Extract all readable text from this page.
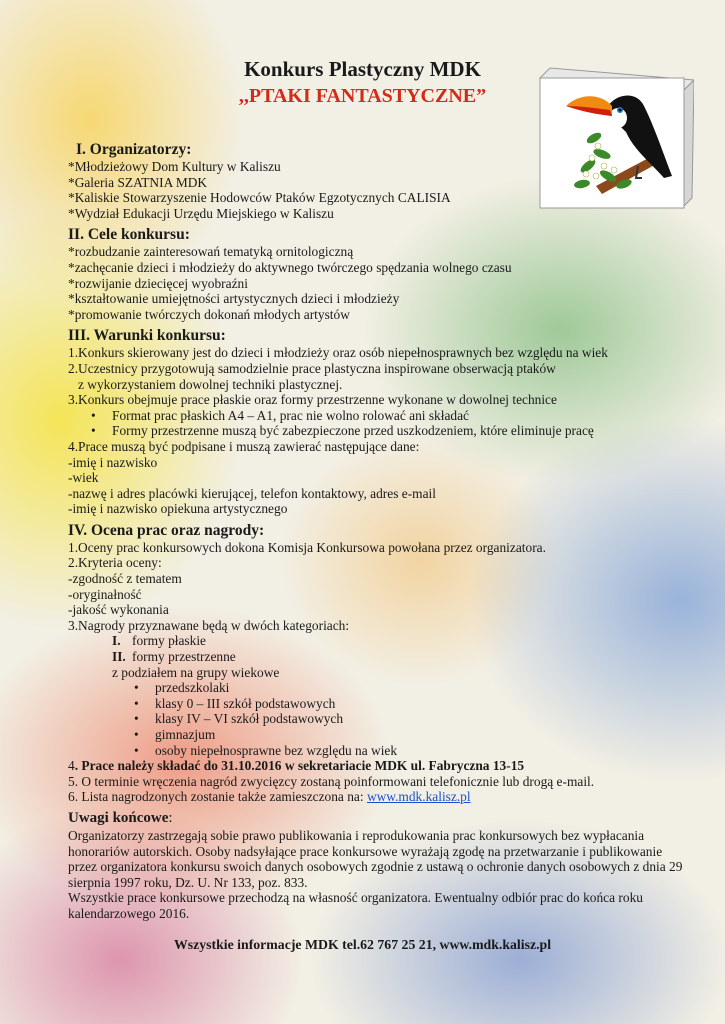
Konkurs Plastyczny MDK
,,PTAKI FANTASTYCZNE”
I. Organizatorzy:
*Młodzieżowy Dom Kultury w Kaliszu
*Galeria SZATNIA MDK
*Kaliskie Stowarzyszenie Hodowców Ptaków Egzotycznych CALISIA
*Wydział Edukacji Urzędu Miejskiego w Kaliszu
II. Cele konkursu:
*rozbudzanie zainteresowań tematyką ornitologiczną
*zachęcanie dzieci i młodzieży do aktywnego twórczego spędzania wolnego czasu
*rozwijanie dziecięcej wyobraźni
*kształtowanie umiejętności artystycznych dzieci i młodzieży
*promowanie twórczych dokonań młodych artystów
III. Warunki konkursu:
1.Konkurs skierowany jest do dzieci i młodzieży oraz osób niepełnosprawnych bez względu na wiek
2.Uczestnicy przygotowują samodzielnie prace plastyczna inspirowane obserwacją ptaków
z wykorzystaniem dowolnej techniki plastycznej.
3.Konkurs obejmuje prace płaskie oraz formy przestrzenne wykonane w dowolnej technice
• Format prac płaskich A4 – A1, prac nie wolno rolować ani składać
• Formy przestrzenne muszą być zabezpieczone przed uszkodzeniem, które eliminuje pracę
4.Prace muszą być podpisane i muszą zawierać następujące dane:
-imię i nazwisko
-wiek
-nazwę i adres placówki kierującej, telefon kontaktowy, adres e-mail
-imię i nazwisko opiekuna artystycznego
IV. Ocena prac oraz nagrody:
1.Oceny prac konkursowych dokona Komisja Konkursowa powołana przez organizatora.
2.Kryteria oceny:
-zgodność z tematem
-oryginałność
-jakość wykonania
3.Nagrody przyznawane będą w dwóch kategoriach:
I. formy płaskie
II. formy przestrzenne
z podziałem na grupy wiekowe
• przedszkolaki
• klasy 0 – III szkół podstawowych
• klasy IV – VI szkół podstawowych
• gimnazjum
• osoby niepełnosprawne bez względu na wiek
4. Prace należy składać do 31.10.2016 w sekretariacie MDK ul. Fabryczna 13-15
5. O terminie wręczenia nagród zwycięzcy zostaną poinformowani telefonicznie lub drogą e-mail.
6. Lista nagrodzonych zostanie także zamieszczona na: www.mdk.kalisz.pl
Uwagi końcowe:
Organizatorzy zastrzegają sobie prawo publikowania i reprodukowania prac konkursowych bez wypłacania honorariów autorskich. Osoby nadsyłające prace konkursowe wyrażają zgodę na przetwarzanie i publikowanie przez organizatora konkursu swoich danych osobowych zgodnie z ustawą o ochronie danych osobowych z dnia 29 sierpnia 1997 roku, Dz. U. Nr 133, poz. 833.
Wszystkie prace konkursowe przechodzą na własność organizatora. Ewentualny odbiór prac do końca roku kalendarzowego 2016.
Wszystkie informacje MDK tel.62 767 25 21, www.mdk.kalisz.pl
